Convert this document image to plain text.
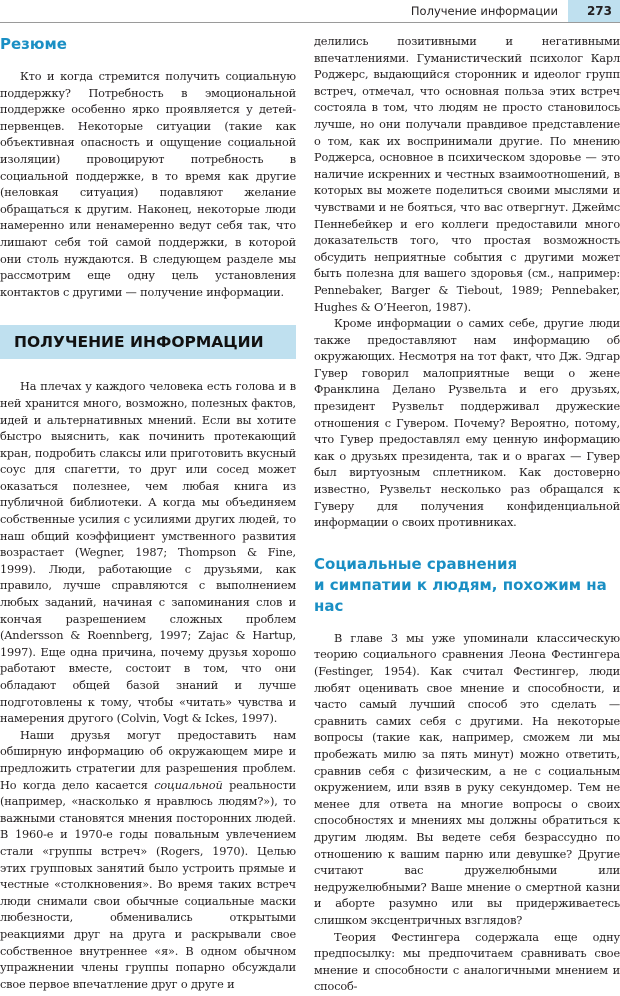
Получение информации 273
Резюме

Кто и когда стремится получить социальную поддержку? Потребность в эмоциональной поддержке особенно ярко проявляется у детей-первенцев. Некоторые ситуации (такие как объективная опасность и ощущение социальной изоляции) провоцируют потребность в социальной поддержке, в то время как другие (неловкая ситуация) подавляют желание обращаться к другим. Наконец, некоторые люди намеренно или ненамеренно ведут себя так, что лишают себя той самой поддержки, в которой они столь нуждаются. В следующем разделе мы рассмотрим еще одну цель установления контактов с другими — получение информации.

ПОЛУЧЕНИЕ ИНФОРМАЦИИ

На плечах у каждого человека есть голова и в ней хранится много, возможно, полезных фактов, идей и альтернативных мнений. Если вы хотите быстро выяснить, как починить протекающий кран, подробить слаксы или приготовить вкусный соус для спагетти, то друг или сосед может оказаться полезнее, чем любая книга из публичной библиотеки. А когда мы объединяем собственные усилия с усилиями других людей, то наш общий коэффициент умственного развития возрастает (Wegner, 1987; Thompson & Fine, 1999). Люди, работающие с друзьями, как правило, лучше справляются с выполнением любых заданий, начиная с запоминания слов и кончая разрешением сложных проблем (Andersson & Roennberg, 1997; Zajac & Hartup, 1997). Еще одна причина, почему друзья хорошо работают вместе, состоит в том, что они обладают общей базой знаний и лучше подготовлены к тому, чтобы «читать» чувства и намерения другого (Colvin, Vogt & Ickes, 1997).

Наши друзья могут предоставить нам обширную информацию об окружающем мире и предложить стратегии для разрешения проблем. Но когда дело касается социальной реальности (например, «насколько я нравлюсь людям?»), то важными становятся мнения посторонних людей. В 1960-е и 1970-е годы повальным увлечением стали «группы встреч» (Rogers, 1970). Целью этих групповых занятий было устроить прямые и честные «столкновения». Во время таких встреч люди снимали свои обычные социальные маски любезности, обменивались открытыми реакциями друг на друга и раскрывали свое собственное внутреннее «я». В одном обычном упражнении члены группы попарно обсуждали свое первое впечатление друг о друге и

делились позитивными и негативными впечатлениями. Гуманистический психолог Карл Роджерс, выдающийся сторонник и идеолог групп встреч, отмечал, что основная польза этих встреч состояла в том, что людям не просто становилось лучше, но они получали правдивое представление о том, как их воспринимали другие. По мнению Роджерса, основное в психическом здоровье — это наличие искренних и честных взаимоотношений, в которых вы можете поделиться своими мыслями и чувствами и не бояться, что вас отвергнут. Джеймс Пеннебейкер и его коллеги предоставили много доказательств того, что простая возможность обсудить неприятные события с другими может быть полезна для вашего здоровья (см., например: Pennebaker, Barger & Tiebout, 1989; Pennebaker, Hughes & O’Heeron, 1987).

Кроме информации о самих себе, другие люди также предоставляют нам информацию об окружающих. Несмотря на тот факт, что Дж. Эдгар Гувер говорил малоприятные вещи о жене Франклина Делано Рузвельта и его друзьях, президент Рузвельт поддерживал дружеские отношения с Гувером. Почему? Вероятно, потому, что Гувер предоставлял ему ценную информацию как о друзьях президента, так и о врагах — Гувер был виртуозным сплетником. Как достоверно известно, Рузвельт несколько раз обращался к Гуверу для получения конфиденциальной информации о своих противниках.

Социальные сравнения
и симпатии к людям, похожим на нас

В главе 3 мы уже упоминали классическую теорию социального сравнения Леона Фестингера (Festinger, 1954). Как считал Фестингер, люди любят оценивать свое мнение и способности, и часто самый лучший способ это сделать — сравнить самих себя с другими. На некоторые вопросы (такие как, например, сможем ли мы пробежать милю за пять минут) можно ответить, сравнив себя с физическим, а не с социальным окружением, или взяв в руку секундомер. Тем не менее для ответа на многие вопросы о своих способностях и мнениях мы должны обратиться к другим людям. Вы ведете себя безрассудно по отношению к вашим парню или девушке? Другие считают вас дружелюбными или недружелюбными? Ваше мнение о смертной казни и аборте разумно или вы придерживаетесь слишком эксцентричных взглядов?

Теория Фестингера содержала еще одну предпосылку: мы предпочитаем сравнивать свое мнение и способности с аналогичными мнением и способ-
